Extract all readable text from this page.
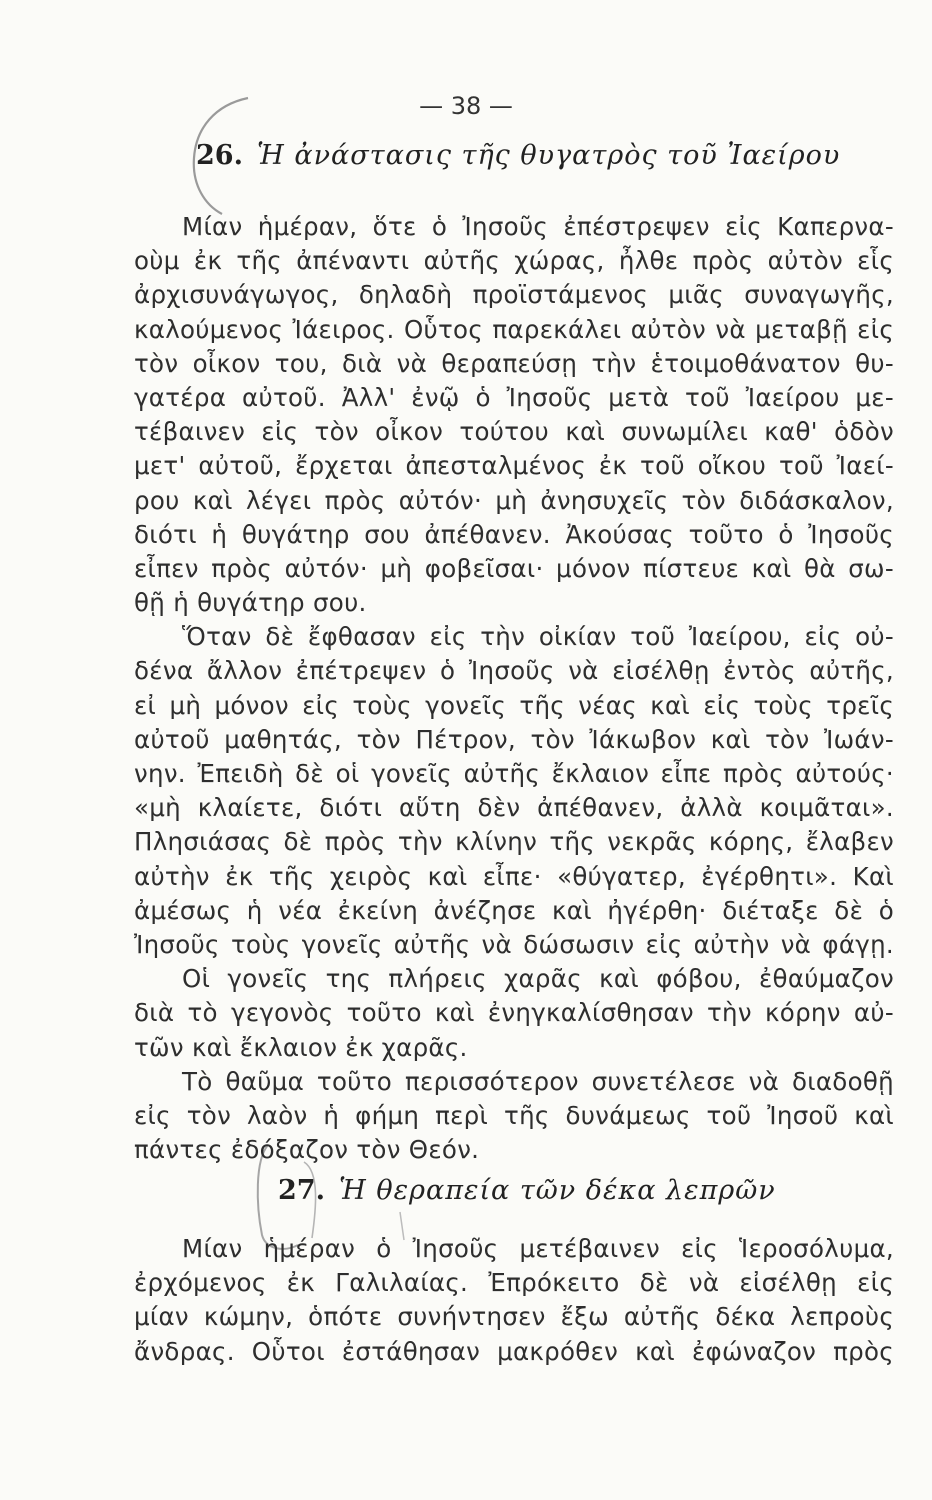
— 38 —
26. Ἡ ἀνάστασις τῆς θυγατρὸς τοῦ Ἰαείρου
Μίαν ἡμέραν, ὅτε ὁ Ἰησοῦς ἐπέστρεψεν εἰς Καπερνα-
οὺμ ἐκ τῆς ἀπέναντι αὐτῆς χώρας, ἦλθε πρὸς αὐτὸν εἷς
ἀρχισυνάγωγος, δηλαδὴ προϊστάμενος μιᾶς συναγωγῆς,
καλούμενος Ἰάειρος. Οὗτος παρεκάλει αὐτὸν νὰ μεταβῇ εἰς
τὸν οἶκον του, διὰ νὰ θεραπεύσῃ τὴν ἑτοιμοθάνατον θυ-
γατέρα αὐτοῦ. Ἀλλ' ἐνῷ ὁ Ἰησοῦς μετὰ τοῦ Ἰαείρου με-
τέβαινεν εἰς τὸν οἶκον τούτου καὶ συνωμίλει καθ' ὁδὸν
μετ' αὐτοῦ, ἔρχεται ἀπεσταλμένος ἐκ τοῦ οἴκου τοῦ Ἰαεί-
ρου καὶ λέγει πρὸς αὐτόν· μὴ ἀνησυχεῖς τὸν διδάσκαλον,
διότι ἡ θυγάτηρ σου ἀπέθανεν. Ἀκούσας τοῦτο ὁ Ἰησοῦς
εἶπεν πρὸς αὐτόν· μὴ φοβεῖσαι· μόνον πίστευε καὶ θὰ σω-
θῇ ἡ θυγάτηρ σου.
Ὅταν δὲ ἔφθασαν εἰς τὴν οἰκίαν τοῦ Ἰαείρου, εἰς οὐ-
δένα ἄλλον ἐπέτρεψεν ὁ Ἰησοῦς νὰ εἰσέλθῃ ἐντὸς αὐτῆς,
εἰ μὴ μόνον εἰς τοὺς γονεῖς τῆς νέας καὶ εἰς τοὺς τρεῖς
αὐτοῦ μαθητάς, τὸν Πέτρον, τὸν Ἰάκωβον καὶ τὸν Ἰωάν-
νην. Ἐπειδὴ δὲ οἱ γονεῖς αὐτῆς ἔκλαιον εἶπε πρὸς αὐτούς·
«μὴ κλαίετε, διότι αὕτη δὲν ἀπέθανεν, ἀλλὰ κοιμᾶται».
Πλησιάσας δὲ πρὸς τὴν κλίνην τῆς νεκρᾶς κόρης, ἔλαβεν
αὐτὴν ἐκ τῆς χειρὸς καὶ εἶπε· «θύγατερ, ἐγέρθητι». Καὶ
ἀμέσως ἡ νέα ἐκείνη ἀνέζησε καὶ ἠγέρθη· διέταξε δὲ ὁ
Ἰησοῦς τοὺς γονεῖς αὐτῆς νὰ δώσωσιν εἰς αὐτὴν νὰ φάγῃ.
Οἱ γονεῖς της πλήρεις χαρᾶς καὶ φόβου, ἐθαύμαζον
διὰ τὸ γεγονὸς τοῦτο καὶ ἐνηγκαλίσθησαν τὴν κόρην αὐ-
τῶν καὶ ἔκλαιον ἐκ χαρᾶς.
Τὸ θαῦμα τοῦτο περισσότερον συνετέλεσε νὰ διαδοθῇ
εἰς τὸν λαὸν ἡ φήμη περὶ τῆς δυνάμεως τοῦ Ἰησοῦ καὶ
πάντες ἐδόξαζον τὸν Θεόν.
27. Ἡ θεραπεία τῶν δέκα λεπρῶν
Μίαν ἡμέραν ὁ Ἰησοῦς μετέβαινεν εἰς Ἱεροσόλυμα,
ἐρχόμενος ἐκ Γαλιλαίας. Ἐπρόκειτο δὲ νὰ εἰσέλθῃ εἰς
μίαν κώμην, ὁπότε συνήντησεν ἔξω αὐτῆς δέκα λεπροὺς
ἄνδρας. Οὗτοι ἐστάθησαν μακρόθεν καὶ ἐφώναζον πρὸς
